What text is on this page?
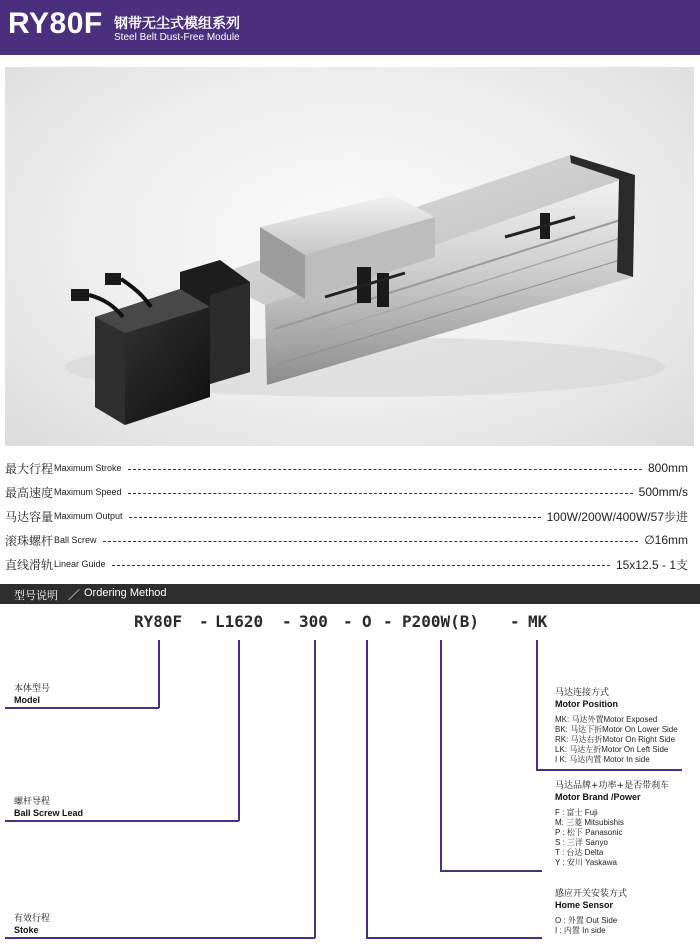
RY80F 钢带无尘式模组系列
Steel Belt Dust-Free Module
最大行程 Maximum Stroke	800mm
最高速度 Maximum Speed	500mm/s
马达容量 Maximum Output	100W/200W/400W/57步进
滚珠螺杆 Ball Screw	∅16mm
直线滑轨 Linear Guide	15x12.5 - 1支
型号说明 ／ Ordering Method
RY80F - L1620 - 300 - O - P200W(B) - MK
本体型号
Model
螺杆导程
Ball Screw Lead
有效行程
Stoke
马达连接方式
Motor Position
MK: 马达外置Motor Exposed
BK: 马达下折Motor On Lower Side
RK: 马达右折Motor On Right Side
LK: 马达左折Motor On Left Side
I K: 马达内置 Motor In side
马达品牌+功率+是否带刹车
Motor Brand /Power
F : 富士 Fuji
M: 三菱 Mitsubishis
P : 松下 Panasonic
S : 三洋 Sanyo
T : 台达 Delta
Y : 安川 Yaskawa
感应开关安装方式
Home Sensor
O : 外置 Out Side
I : 内置 In side
